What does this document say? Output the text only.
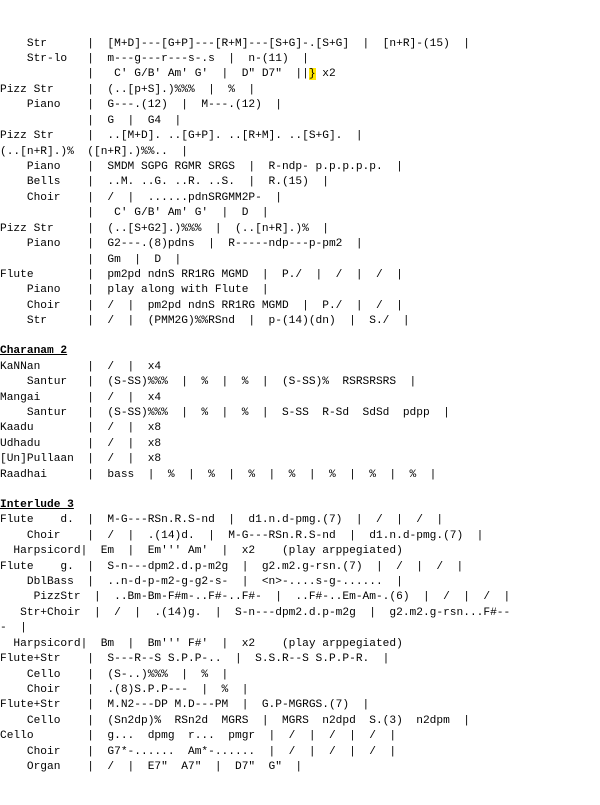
Str      |  [M+D]---[G+P]---[R+M]---[S+G]-.[S+G]  |  [n+R]-(15)  |
Str-lo   |  m---g---r---s-.s  |  n-(11)  |
|   C' G/B' Am' G'  |  D" D7"  ||} x2
Pizz Str     |  (..[p+S].)%%%  |  %  |
Piano    |  G---.(12)  |  M---.(12)  |
|  G  |  G4  |
Pizz Str     |  ..[M+D]. ..[G+P]. ..[R+M]. ..[S+G].  |
(..[n+R].)%  ([n+R].)%%..  |
Piano    |  SMDM SGPG RGMR SRGS  |  R-ndp- p.p.p.p.p.  |
Bells    |  ..M. ..G. ..R. ..S.  |  R.(15)  |
Choir    |  /  |  ......pdnSRGMM2P-  |
|   C' G/B' Am' G'  |  D  |
Pizz Str     |  (..[S+G2].)%%%  |  (..[n+R].)%  |
Piano    |  G2---.(8)pdns  |  R-----ndp---p-pm2  |
|  Gm  |  D  |
Flute        |  pm2pd ndnS RR1RG MGMD  |  P./  |  /  |  /  |
Piano    |  play along with Flute  |
Choir    |  /  |  pm2pd ndnS RR1RG MGMD  |  P./  |  /  |
Str      |  /  |  (PMM2G)%%RSnd  |  p-(14)(dn)  |  S./  |
Charanam 2
KaNNan       |  /  |  x4
Santur   |  (S-SS)%%%  |  %  |  %  |  (S-SS)%  RSRSRSRS  |
Mangai       |  /  |  x4
Santur   |  (S-SS)%%%  |  %  |  %  |  S-SS  R-Sd  SdSd  pdpp  |
Kaadu        |  /  |  x8
Udhadu       |  /  |  x8
[Un]Pullaan  |  /  |  x8
Raadhai      |  bass  |  %  |  %  |  %  |  %  |  %  |  %  |  %  |
Interlude 3
Flute    d.  |  M-G---RSn.R.S-nd  |  d1.n.d-pmg.(7)  |  /  |  /  |
Choir    |  /  |  .(14)d.  |  M-G---RSn.R.S-nd  |  d1.n.d-pmg.(7)  |
Harpsicord|  Em  |  Em''' Am'  |  x2    (play arppegiated)
Flute    g.  |  S-n---dpm2.d.p-m2g  |  g2.m2.g-rsn.(7)  |  /  |  /  |
DblBass  |  ..n-d-p-m2-g-g2-s-  |  <n>-....s-g-......  |
PizzStr  |  ..Bm-Bm-F#m-..F#-..F#-  |  ..F#-..Em-Am-.(6)  |  /  |  /  |
Str+Choir  |  /  |  .(14)g.  |  S-n---dpm2.d.p-m2g  |  g2.m2.g-rsn...F#--
-  |
Harpsicord|  Bm  |  Bm''' F#'  |  x2    (play arppegiated)
Flute+Str    |  S---R--S S.P.P-..  |  S.S.R--S S.P.P-R.  |
Cello    |  (S-..)%%%  |  %  |
Choir    |  .(8)S.P.P---  |  %  |
Flute+Str    |  M.N2---DP M.D---PM  |  G.P-MGRGS.(7)  |
Cello    |  (Sn2dp)%  RSn2d  MGRS  |  MGRS  n2dpd  S.(3)  n2dpm  |
Cello        |  g...  dpmg  r...  pmgr  |  /  |  /  |  /  |
Choir    |  G7*-......  Am*-......  |  /  |  /  |  /  |
Organ    |  /  |  E7"  A7"  |  D7"  G"  |
